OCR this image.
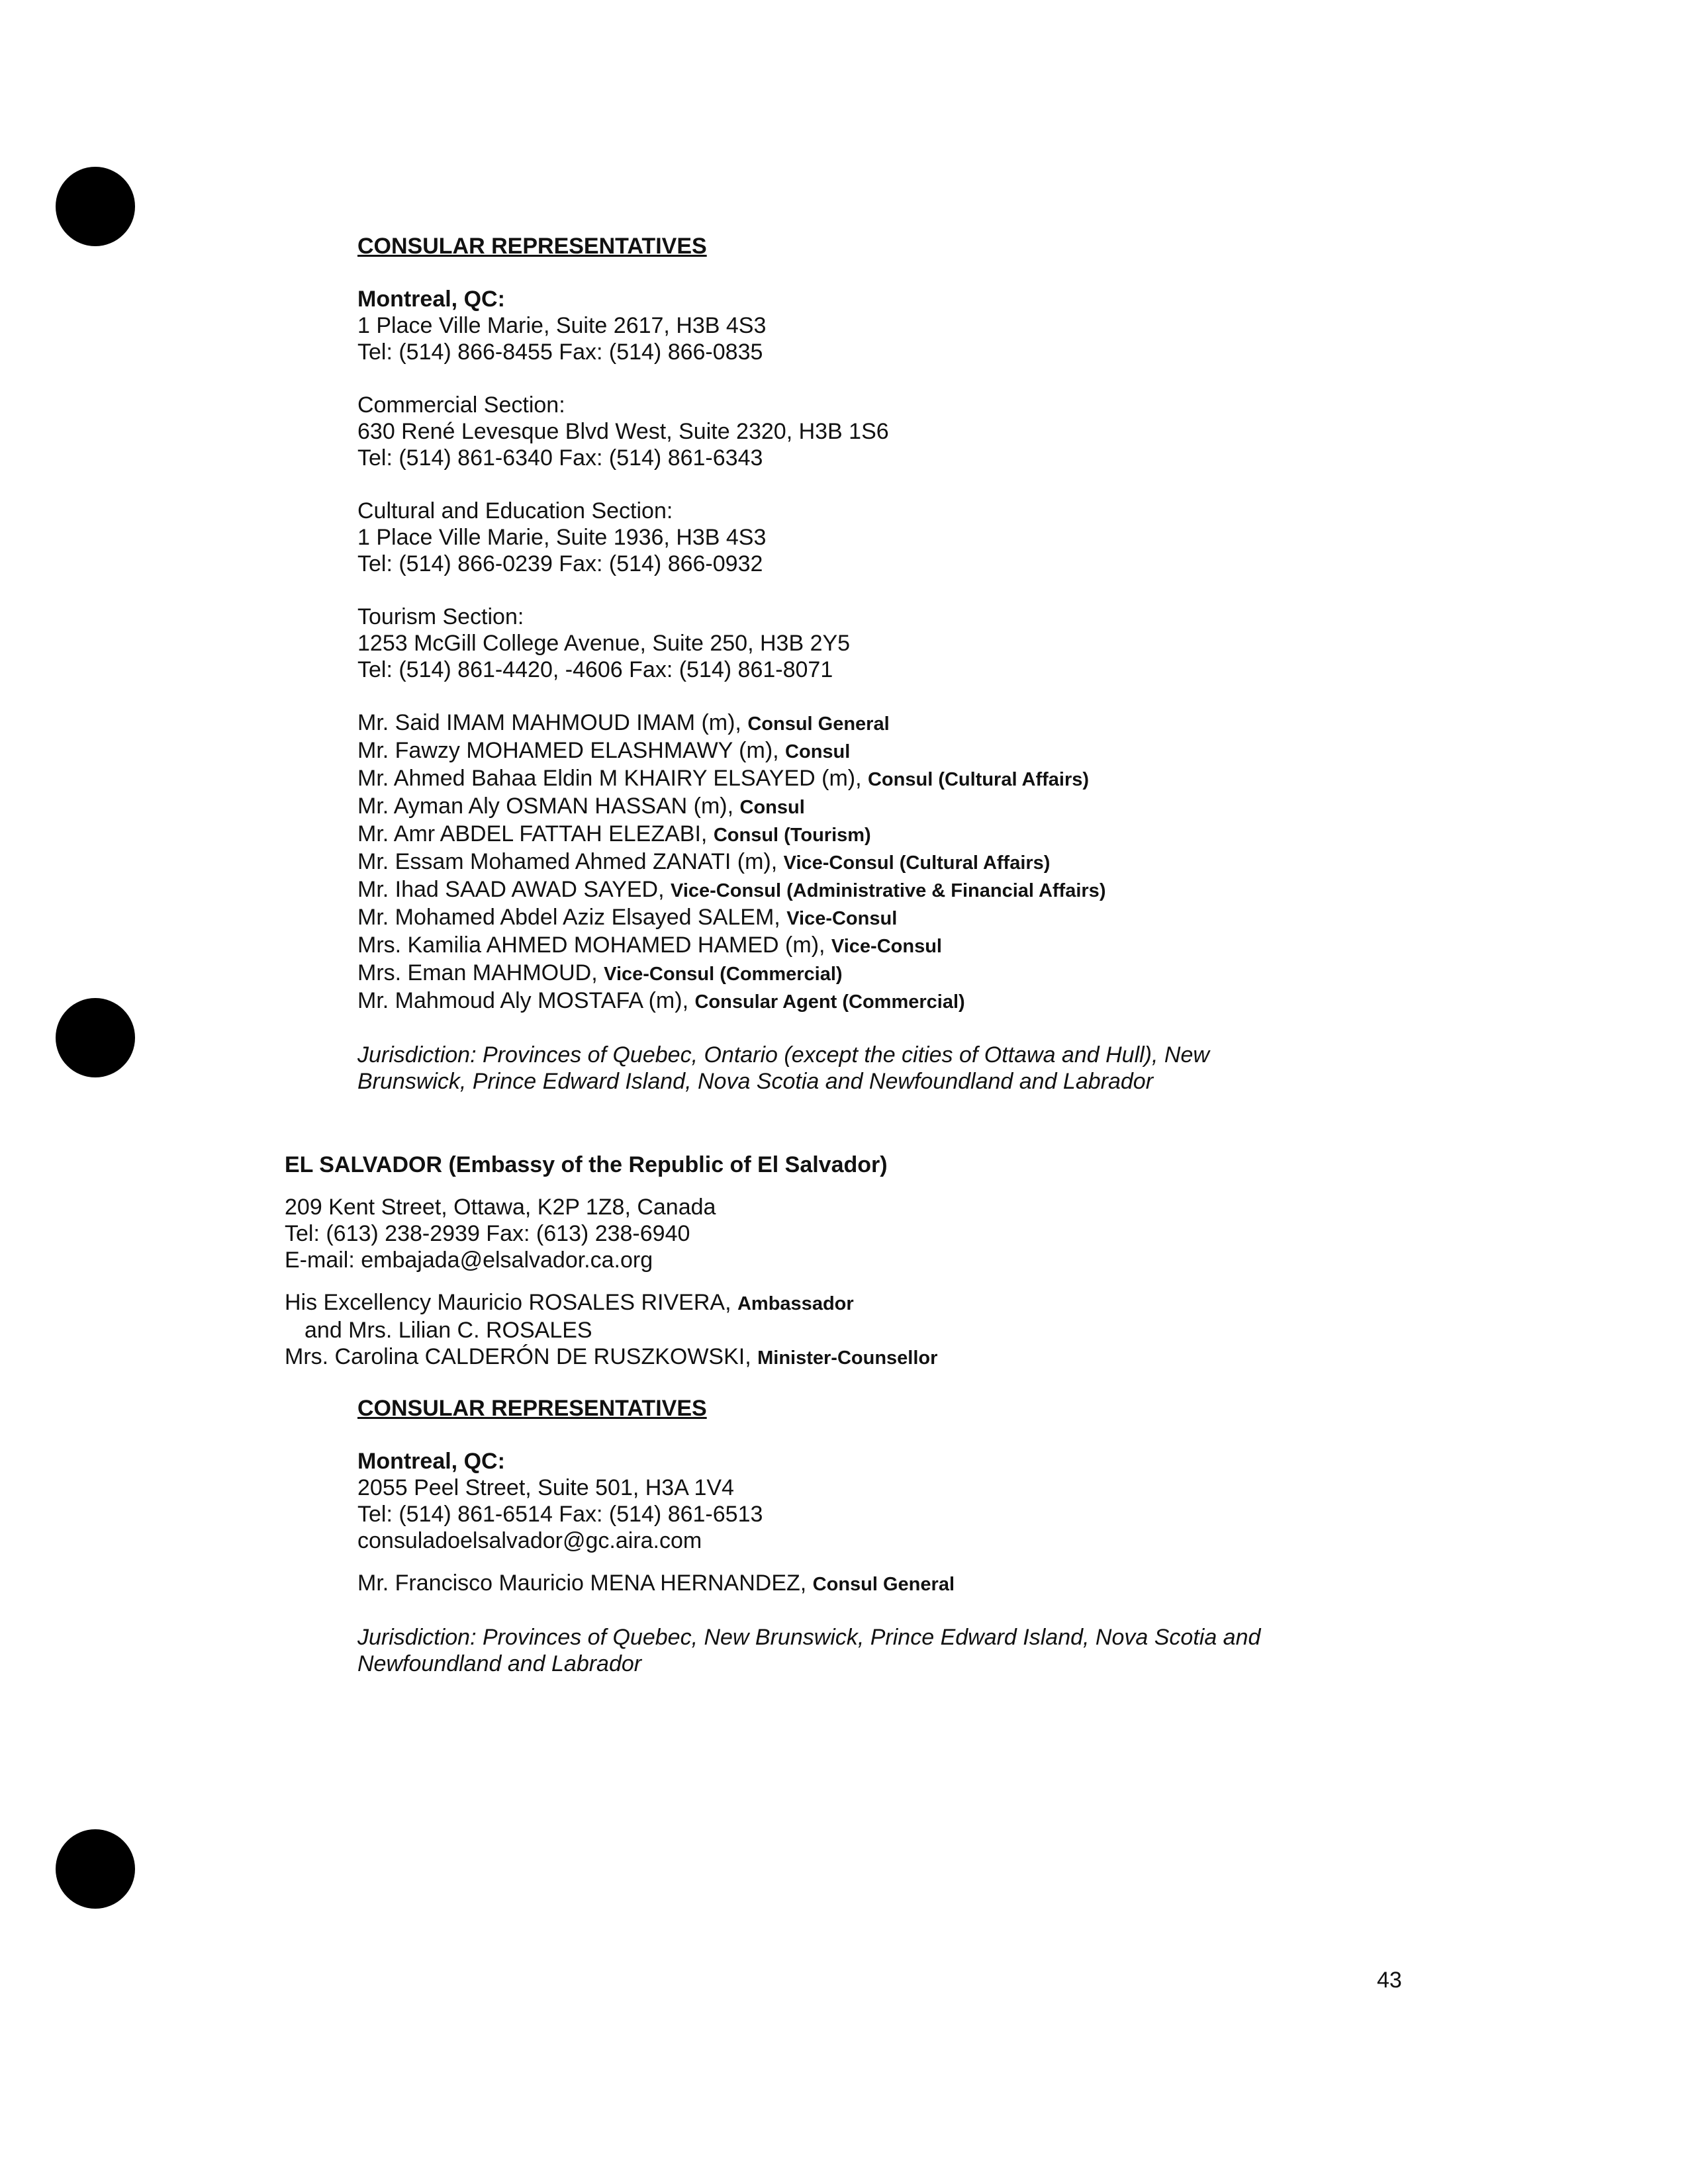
CONSULAR REPRESENTATIVES
Montreal, QC:
1 Place Ville Marie, Suite 2617, H3B 4S3
Tel: (514) 866-8455 Fax: (514) 866-0835
Commercial Section:
630 René Levesque Blvd West, Suite 2320, H3B 1S6
Tel: (514) 861-6340 Fax: (514) 861-6343
Cultural and Education Section:
1 Place Ville Marie, Suite 1936, H3B 4S3
Tel: (514) 866-0239 Fax: (514) 866-0932
Tourism Section:
1253 McGill College Avenue, Suite 250, H3B 2Y5
Tel: (514) 861-4420, -4606 Fax: (514) 861-8071
Mr. Said IMAM MAHMOUD IMAM (m), Consul General
Mr. Fawzy MOHAMED ELASHMAWY (m), Consul
Mr. Ahmed Bahaa Eldin M KHAIRY ELSAYED (m), Consul (Cultural Affairs)
Mr. Ayman Aly OSMAN HASSAN (m), Consul
Mr. Amr ABDEL FATTAH ELEZABI, Consul (Tourism)
Mr. Essam Mohamed Ahmed ZANATI (m), Vice-Consul (Cultural Affairs)
Mr. Ihad SAAD AWAD SAYED, Vice-Consul (Administrative & Financial Affairs)
Mr. Mohamed Abdel Aziz Elsayed SALEM, Vice-Consul
Mrs. Kamilia AHMED MOHAMED HAMED (m), Vice-Consul
Mrs. Eman MAHMOUD, Vice-Consul (Commercial)
Mr. Mahmoud Aly MOSTAFA (m), Consular Agent (Commercial)
Jurisdiction: Provinces of Quebec, Ontario (except the cities of Ottawa and Hull), New
Brunswick, Prince Edward Island, Nova Scotia and Newfoundland and Labrador
EL SALVADOR (Embassy of the Republic of El Salvador)
209 Kent Street, Ottawa, K2P 1Z8, Canada
Tel: (613) 238-2939 Fax: (613) 238-6940
E-mail: embajada@elsalvador.ca.org
His Excellency Mauricio ROSALES RIVERA, Ambassador
and Mrs. Lilian C. ROSALES
Mrs. Carolina CALDERÓN DE RUSZKOWSKI, Minister-Counsellor
CONSULAR REPRESENTATIVES
Montreal, QC:
2055 Peel Street, Suite 501, H3A 1V4
Tel: (514) 861-6514 Fax: (514) 861-6513
consuladoelsalvador@gc.aira.com
Mr. Francisco Mauricio MENA HERNANDEZ, Consul General
Jurisdiction: Provinces of Quebec, New Brunswick, Prince Edward Island, Nova Scotia and
Newfoundland and Labrador
43
